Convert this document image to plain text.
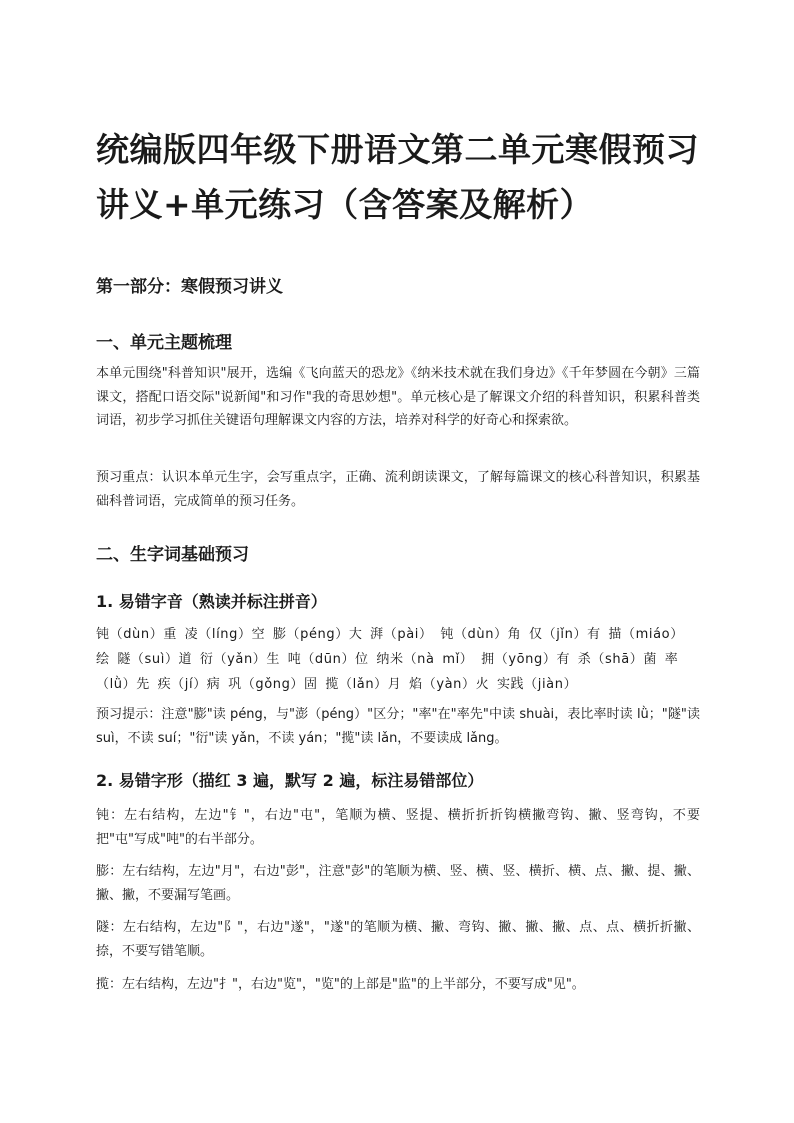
统编版四年级下册语文第二单元寒假预习讲义+单元练习（含答案及解析）
第一部分：寒假预习讲义
一、单元主题梳理

本单元围绕"科普知识"展开，选编《飞向蓝天的恐龙》《纳米技术就在我们身边》《千年梦圆在今朝》三篇课文，搭配口语交际"说新闻"和习作"我的奇思妙想"。单元核心是了解课文介绍的科普知识，积累科普类词语，初步学习抓住关键语句理解课文内容的方法，培养对科学的好奇心和探索欲。

预习重点：认识本单元生字，会写重点字，正确、流利朗读课文，了解每篇课文的核心科普知识，积累基础科普词语，完成简单的预习任务。

二、生字词基础预习
1. 易错字音（熟读并标注拼音）
钝（dùn）重 凌（líng）空 膨（péng）大 湃（pài） 钝（dùn）角 仅（jǐn）有 描（miáo）
绘 隧（suì）道 衍（yǎn）生 吨（dūn）位 纳米（nà mǐ） 拥（yōng）有 杀（shā）菌 率
（lǜ）先 疾（jí）病 巩（gǒng）固 揽（lǎn）月 焰（yàn）火 实践（jiàn）

预习提示：注意"膨"读 péng，与"澎（péng）"区分；"率"在"率先"中读 shuài，表比率时读 lǜ；"隧"读 suì，不读 suí；"衍"读 yǎn，不读 yán；"揽"读 lǎn，不要读成 lǎng。

2. 易错字形（描红 3 遍，默写 2 遍，标注易错部位）

钝：左右结构，左边"钅"，右边"屯"，笔顺为横、竖提、横折折折钩横撇弯钩、撇、竖弯钩，不要把"屯"写成"吨"的右半部分。

膨：左右结构，左边"月"，右边"彭"，注意"彭"的笔顺为横、竖、横、竖、横折、横、点、撇、提、撇、撇、撇，不要漏写笔画。

隧：左右结构，左边"阝"，右边"遂"，"遂"的笔顺为横、撇、弯钩、撇、撇、撇、点、点、横折折撇、捺，不要写错笔顺。

揽：左右结构，左边"扌"，右边"览"，"览"的上部是"监"的上半部分，不要写成"见"。
